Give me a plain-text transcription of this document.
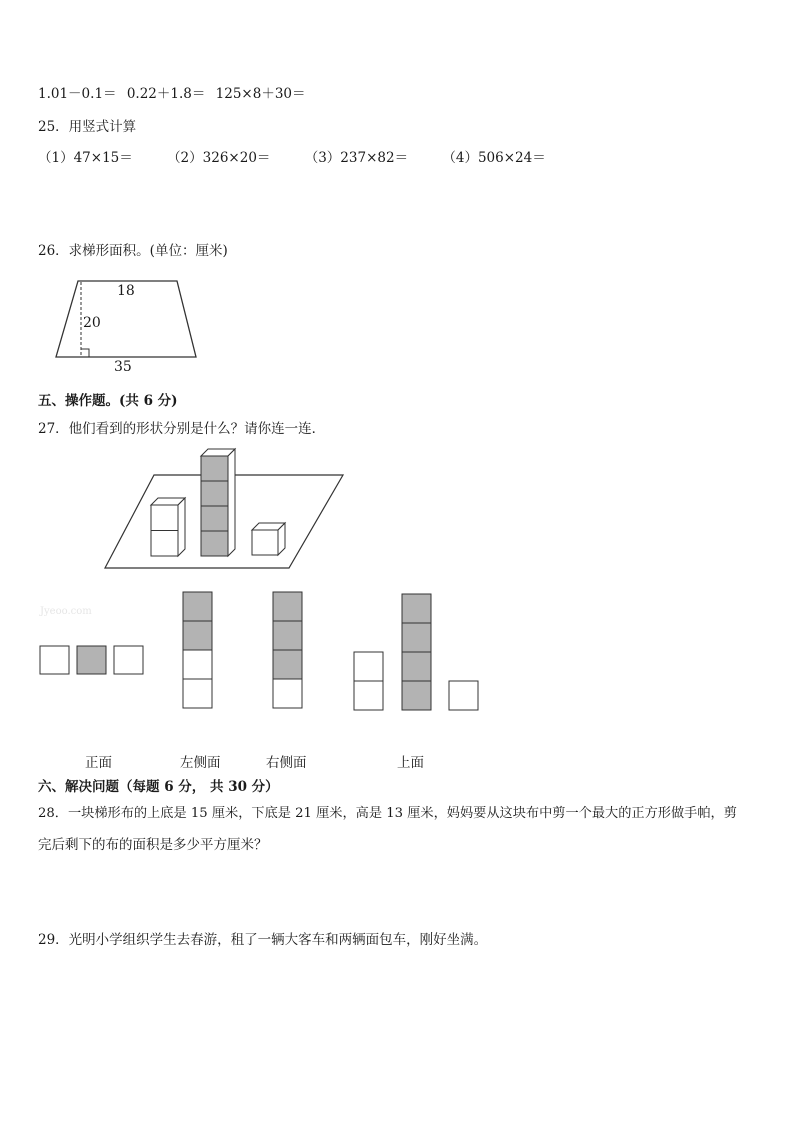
1.01－0.1＝ 0.22＋1.8＝ 125×8＋30＝
25．用竖式计算
（1）47×15＝	（2）326×20＝	（3）237×82＝	（4）506×24＝
26．求梯形面积。(单位：厘米)
18
20
35
五、操作题。(共 6 分)
27．他们看到的形状分别是什么？请你连一连．
Jyeoo.com
正面	左侧面	右侧面	上面
六、解决问题（每题 6 分， 共 30 分）
28．一块梯形布的上底是 15 厘米，下底是 21 厘米，高是 13 厘米，妈妈要从这块布中剪一个最大的正方形做手帕，剪
完后剩下的布的面积是多少平方厘米？
29．光明小学组织学生去春游，租了一辆大客车和两辆面包车，刚好坐满。
